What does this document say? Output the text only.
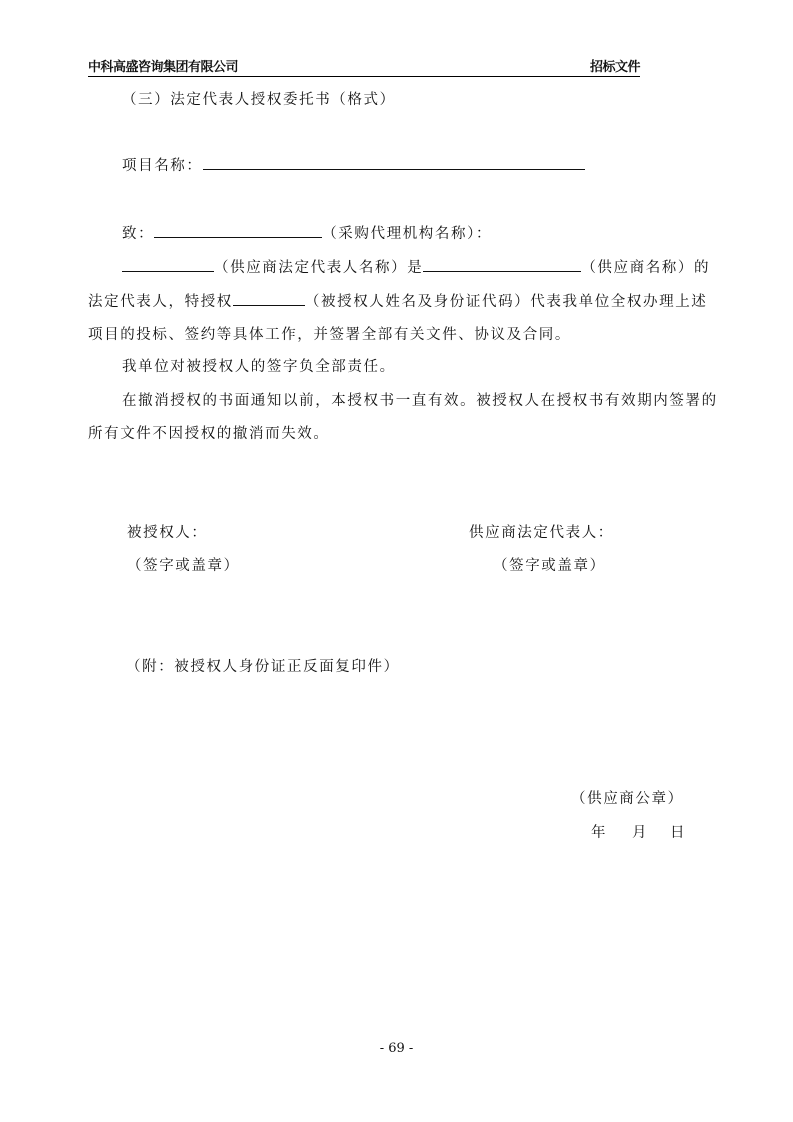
中科高盛咨询集团有限公司	招标文件
（三）法定代表人授权委托书（格式）
项目名称：
致：	（采购代理机构名称）：
（供应商法定代表人名称）是	（供应商名称）的
法定代表人，特授权	（被授权人姓名及身份证代码）代表我单位全权办理上述
项目的投标、签约等具体工作，并签署全部有关文件、协议及合同。
我单位对被授权人的签字负全部责任。
在撤消授权的书面通知以前，本授权书一直有效。被授权人在授权书有效期内签署的
所有文件不因授权的撤消而失效。
被授权人：
（签字或盖章）
供应商法定代表人：
（签字或盖章）
（附：被授权人身份证正反面复印件）
（供应商公章）
年 月 日
- 69 -
